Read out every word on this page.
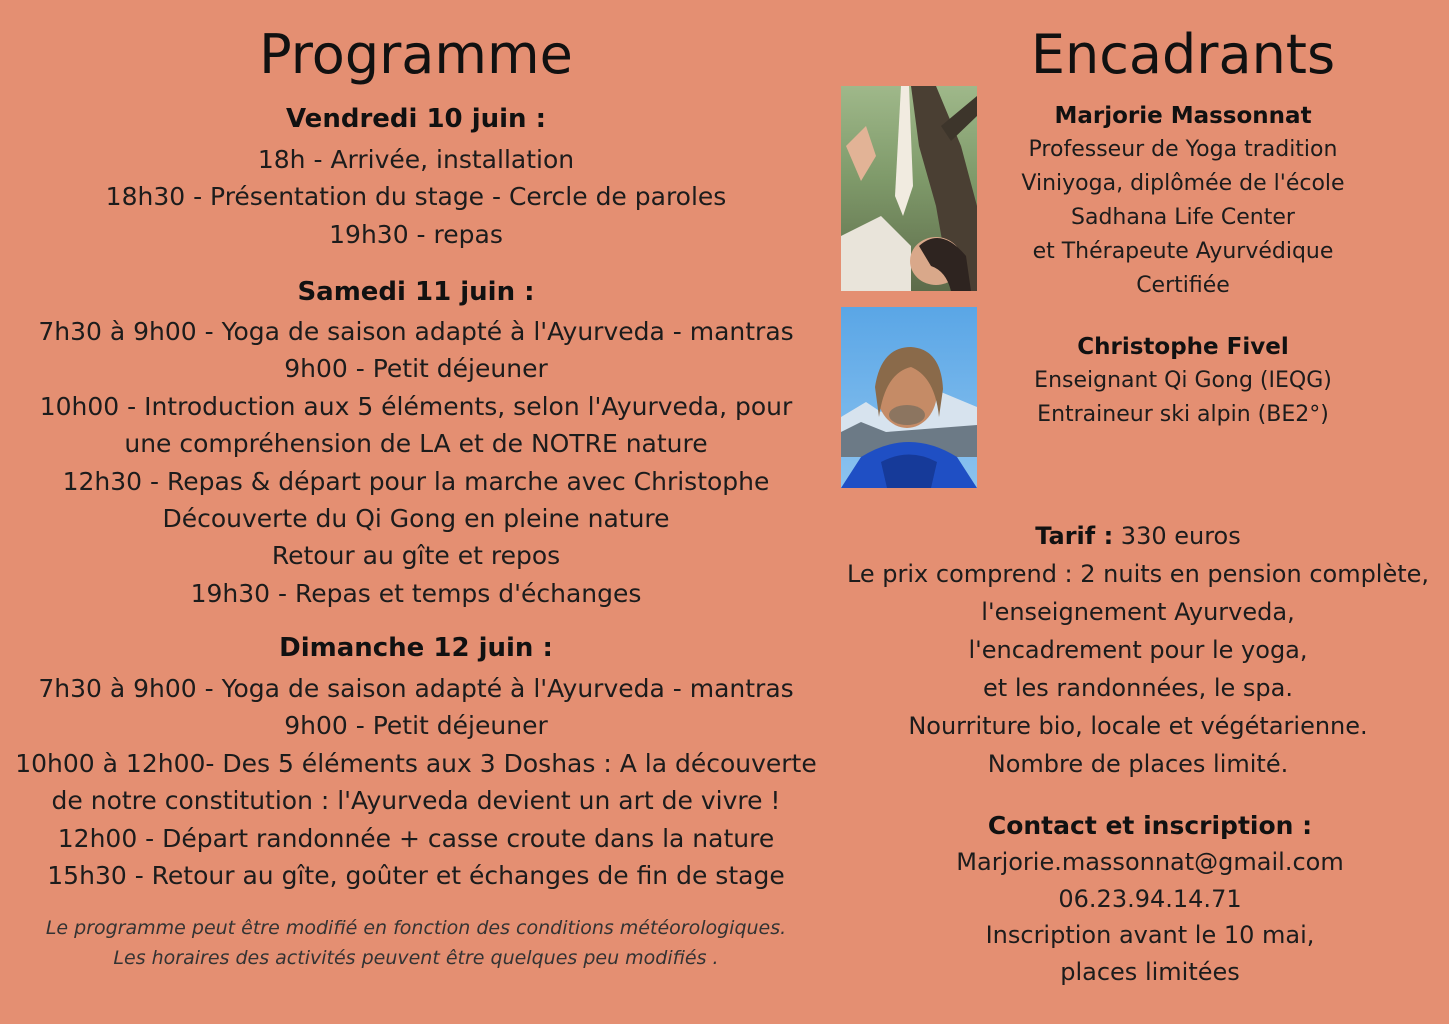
Programme
Vendredi 10 juin :
18h - Arrivée, installation
18h30 - Présentation du stage - Cercle de paroles
19h30 - repas
Samedi 11 juin :
7h30 à 9h00 - Yoga de saison adapté à l'Ayurveda - mantras
9h00 - Petit déjeuner
10h00 - Introduction aux 5 éléments, selon l'Ayurveda, pour
une compréhension de LA et de NOTRE nature
12h30 - Repas & départ pour la marche avec Christophe
Découverte du Qi Gong en pleine nature
Retour au gîte et repos
19h30 - Repas et temps d'échanges
Dimanche 12 juin :
7h30 à 9h00 - Yoga de saison adapté à l'Ayurveda - mantras
9h00 - Petit déjeuner
10h00 à 12h00- Des 5 éléments aux 3 Doshas : A la découverte
de notre constitution : l'Ayurveda devient un art de vivre !
12h00 - Départ randonnée + casse croute dans la nature
15h30 - Retour au gîte, goûter et échanges de fin de stage
Le programme peut être modifié en fonction des conditions météorologiques.
Les horaires des activités peuvent être quelques peu modifiés .
Encadrants
Marjorie Massonnat
Professeur de Yoga tradition
Viniyoga, diplômée de l'école
Sadhana Life Center
et Thérapeute Ayurvédique
Certifiée
Christophe Fivel
Enseignant Qi Gong (IEQG)
Entraineur ski alpin (BE2°)
Tarif : 330 euros
Le prix comprend : 2 nuits en pension complète,
l'enseignement Ayurveda,
l'encadrement pour le yoga,
et les randonnées, le spa.
Nourriture bio, locale et végétarienne.
Nombre de places limité.
Contact et inscription :
Marjorie.massonnat@gmail.com
06.23.94.14.71
Inscription avant le 10 mai,
places limitées
